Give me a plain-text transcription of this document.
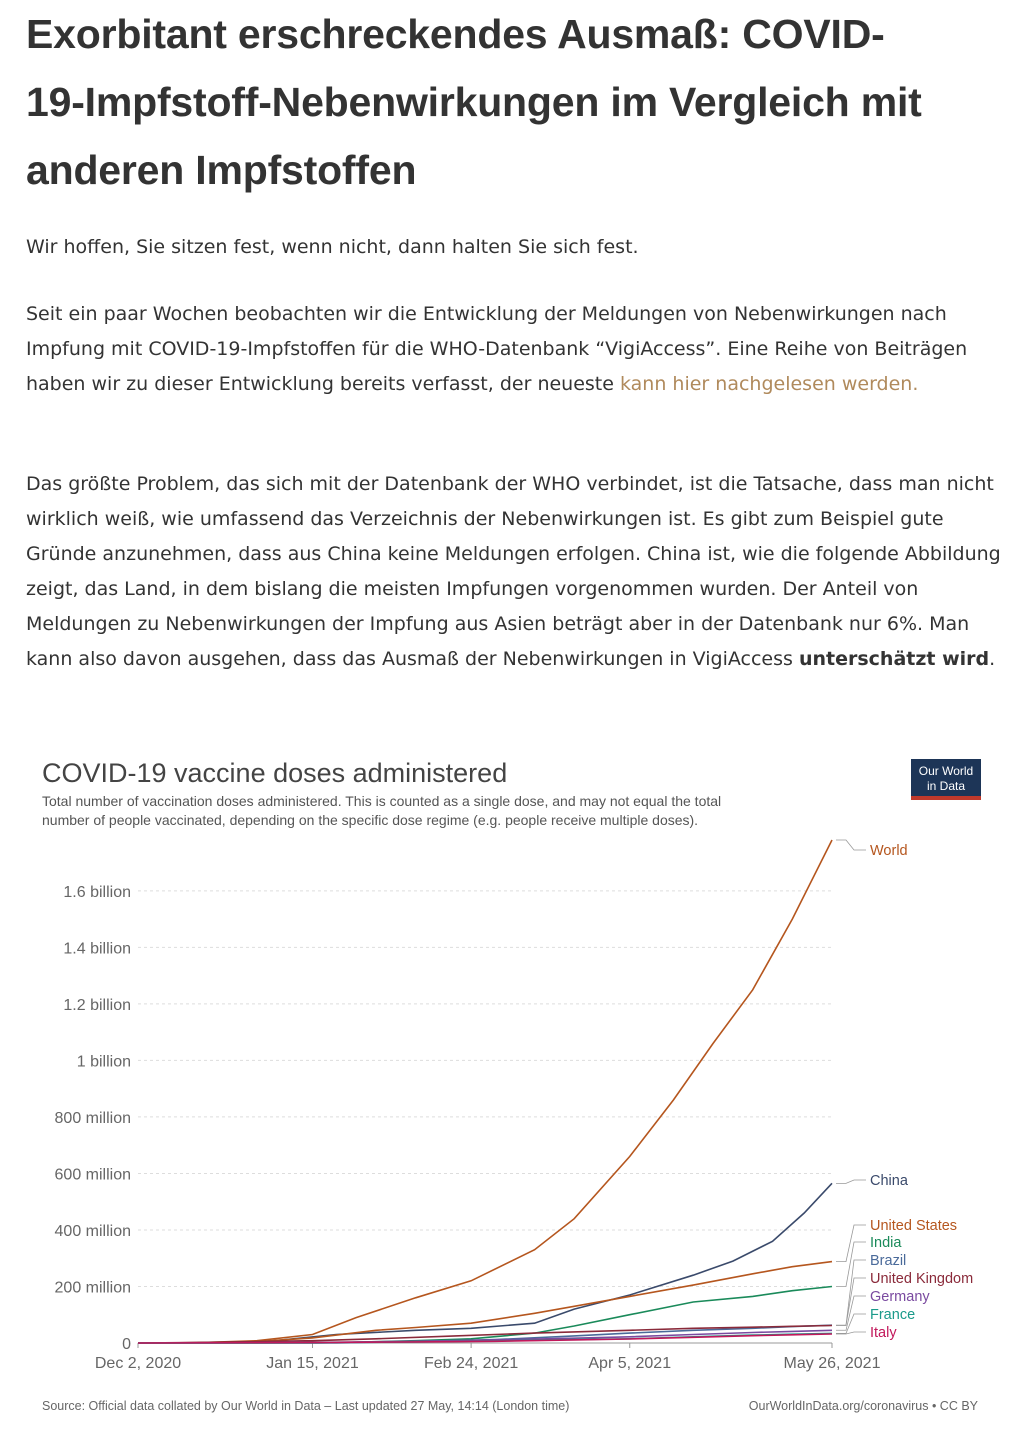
Exorbitant erschreckendes Ausmaß: COVID-
19-Impfstoff-Nebenwirkungen im Vergleich mit
anderen Impfstoffen

Wir hoffen, Sie sitzen fest, wenn nicht, dann halten Sie sich fest.

Seit ein paar Wochen beobachten wir die Entwicklung der Meldungen von Nebenwirkungen nach Impfung mit COVID-19-Impfstoffen für die WHO-Datenbank “VigiAccess”. Eine Reihe von Beiträgen haben wir zu dieser Entwicklung bereits verfasst, der neueste kann hier nachgelesen werden.

Das größte Problem, das sich mit der Datenbank der WHO verbindet, ist die Tatsache, dass man nicht wirklich weiß, wie umfassend das Verzeichnis der Nebenwirkungen ist. Es gibt zum Beispiel gute Gründe anzunehmen, dass aus China keine Meldungen erfolgen. China ist, wie die folgende Abbildung zeigt, das Land, in dem bislang die meisten Impfungen vorgenommen wurden. Der Anteil von Meldungen zu Nebenwirkungen der Impfung aus Asien beträgt aber in der Datenbank nur 6%. Man kann also davon ausgehen, dass das Ausmaß der Nebenwirkungen in VigiAccess unterschätzt wird.

COVID-19 vaccine doses administered
Total number of vaccination doses administered. This is counted as a single dose, and may not equal the total
number of people vaccinated, depending on the specific dose regime (e.g. people receive multiple doses).
Our World
in Data
0
200 million
400 million
600 million
800 million
1 billion
1.2 billion
1.4 billion
1.6 billion
Dec 2, 2020	Jan 15, 2021	Feb 24, 2021	Apr 5, 2021	May 26, 2021
World
China
United States
India
Brazil
United Kingdom
Germany
France
Italy
Source: Official data collated by Our World in Data – Last updated 27 May, 14:14 (London time)	OurWorldInData.org/coronavirus • CC BY
